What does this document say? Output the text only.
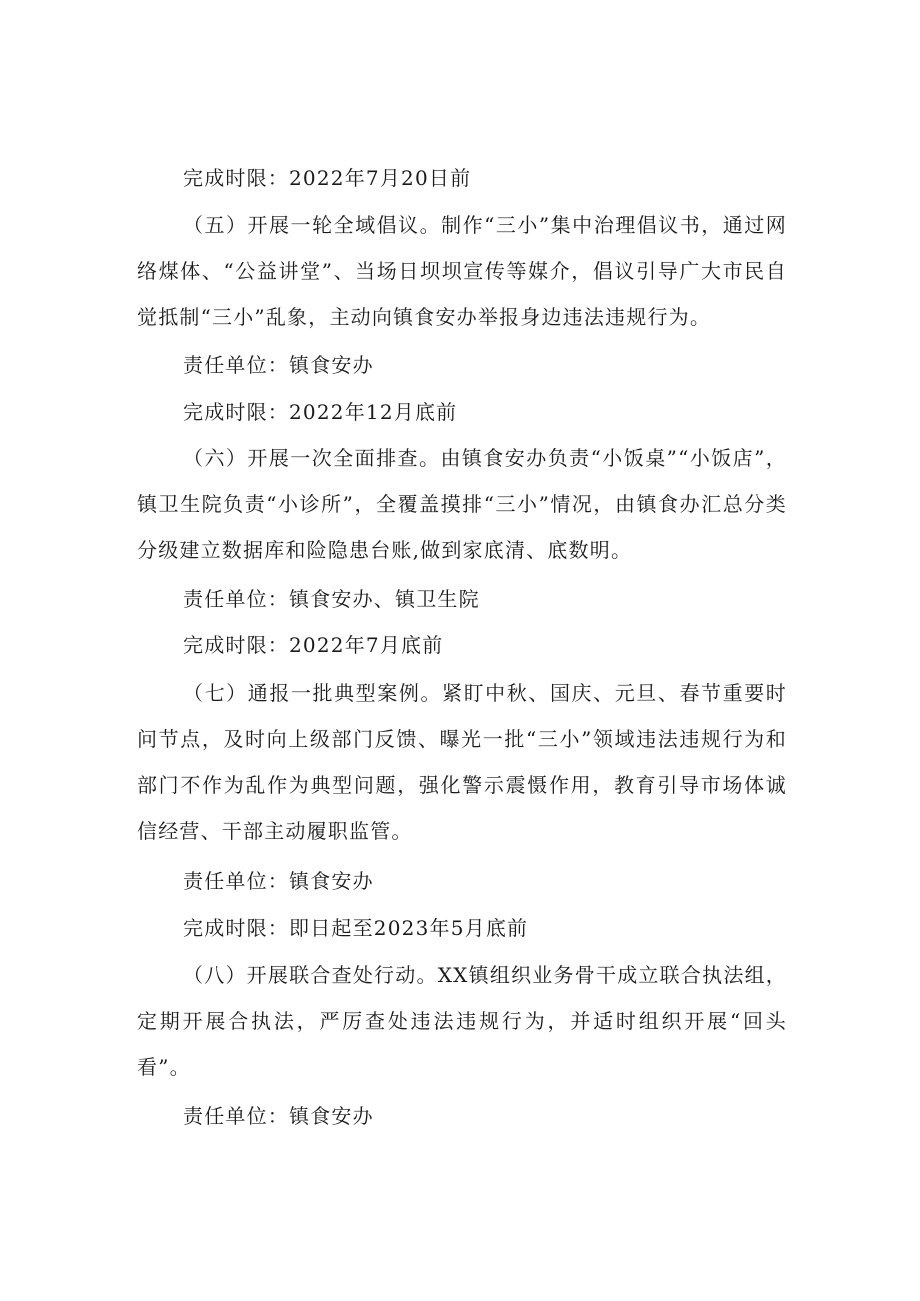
完成时限：2022年7月20日前
（五）开展一轮全域倡议。制作“三小”集中治理倡议书，通过网络煤体、“公益讲堂”、当场日坝坝宣传等媒介，倡议引导广大市民自觉抵制“三小”乱象，主动向镇食安办举报身边违法违规行为。
责任单位：镇食安办
完成时限：2022年12月底前
（六）开展一次全面排查。由镇食安办负责“小饭桌”“小饭店”，镇卫生院负责“小诊所”，全覆盖摸排“三小”情况，由镇食办汇总分类分级建立数据库和险隐患台账,做到家底清、底数明。
责任单位：镇食安办、镇卫生院
完成时限：2022年7月底前
（七）通报一批典型案例。紧盯中秋、国庆、元旦、春节重要时问节点，及时向上级部门反馈、曝光一批“三小”领域违法违规行为和部门不作为乱作为典型问题，强化警示震慑作用，教育引导市场体诚信经营、干部主动履职监管。
责任单位：镇食安办
完成时限：即日起至2023年5月底前
（八）开展联合查处行动。XX镇组织业务骨干成立联合执法组，定期开展合执法，严厉查处违法违规行为，并适时组织开展“回头看”。
责任单位：镇食安办
